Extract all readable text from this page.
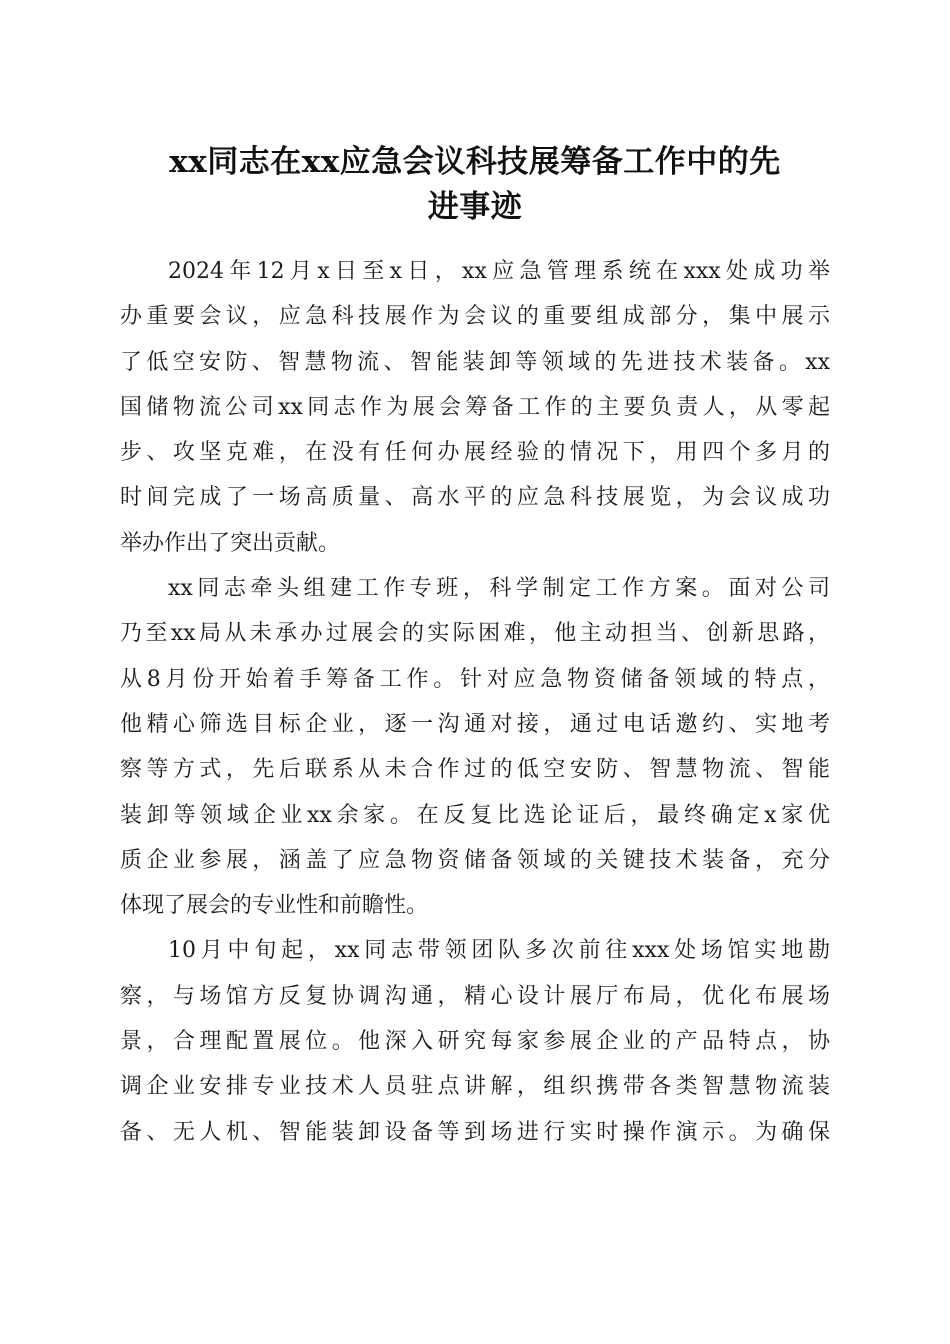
xx同志在xx应急会议科技展筹备工作中的先
进事迹
2024年12月x日至x日，xx应急管理系统在xxx处成功举
办重要会议，应急科技展作为会议的重要组成部分，集中展示
了低空安防、智慧物流、智能装卸等领域的先进技术装备。xx
国储物流公司xx同志作为展会筹备工作的主要负责人，从零起
步、攻坚克难，在没有任何办展经验的情况下，用四个多月的
时间完成了一场高质量、高水平的应急科技展览，为会议成功
举办作出了突出贡献。
xx同志牵头组建工作专班，科学制定工作方案。面对公司
乃至xx局从未承办过展会的实际困难，他主动担当、创新思路，
从8月份开始着手筹备工作。针对应急物资储备领域的特点，
他精心筛选目标企业，逐一沟通对接，通过电话邀约、实地考
察等方式，先后联系从未合作过的低空安防、智慧物流、智能
装卸等领域企业xx余家。在反复比选论证后，最终确定x家优
质企业参展，涵盖了应急物资储备领域的关键技术装备，充分
体现了展会的专业性和前瞻性。
10月中旬起，xx同志带领团队多次前往xxx处场馆实地勘
察，与场馆方反复协调沟通，精心设计展厅布局，优化布展场
景，合理配置展位。他深入研究每家参展企业的产品特点，协
调企业安排专业技术人员驻点讲解，组织携带各类智慧物流装
备、无人机、智能装卸设备等到场进行实时操作演示。为确保
